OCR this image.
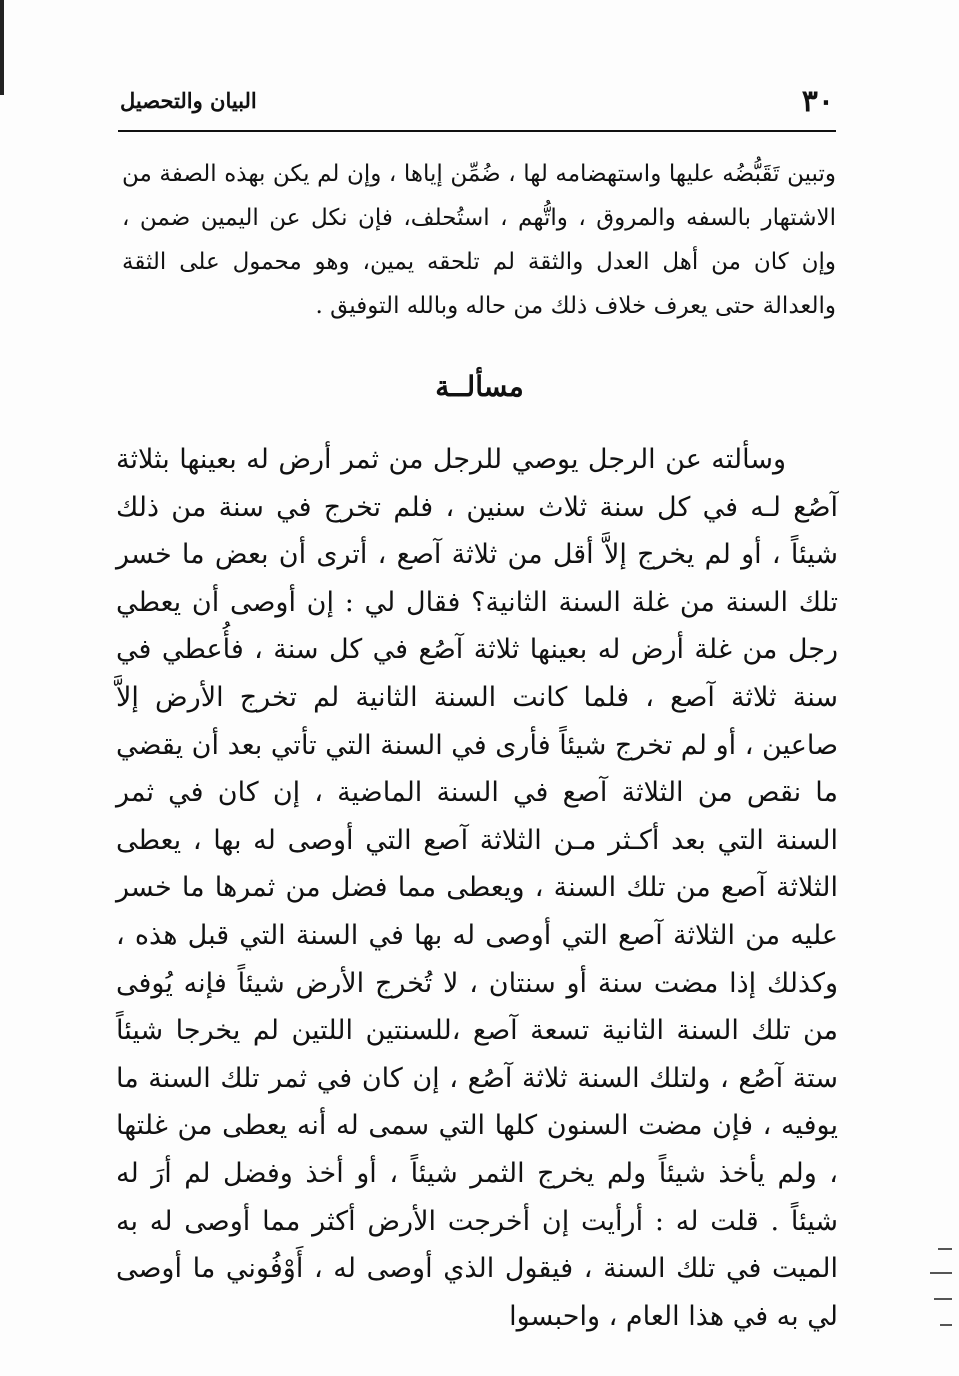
٣٠
البيان والتحصيل

وتبين تَقَبُّضُه عليها واستهضامه لها ، ضُمِّن إياها ، وإن لم يكن بهذه الصفة من الاشتهار بالسفه والمروق ، واتُّهم ، استُحلف، فإن نكل عن اليمين ضمن ، وإن كان من أهل العدل والثقة لم تلحقه يمين، وهو محمول على الثقة والعدالة حتى يعرف خلاف ذلك من حاله وبالله التوفيق .

مسألــة

وسألته عن الرجل يوصي للرجل من ثمر أرض له بعينها بثلاثة آصُع لـه في كل سنة ثلاث سنين ، فلم تخرج في سنة من ذلك شيئاً ، أو لم يخرج إلاَّ أقل من ثلاثة آصع ، أترى أن بعض ما خسر تلك السنة من غلة السنة الثانية؟ فقال لي : إن أوصى أن يعطي رجل من غلة أرض له بعينها ثلاثة آصُع في كل سنة ، فأُعطي في سنة ثلاثة آصع ، فلما كانت السنة الثانية لم تخرج الأرض إلاَّ صاعين ، أو لم تخرج شيئاً فأرى في السنة التي تأتي بعد أن يقضي ما نقص من الثلاثة آصع في السنة الماضية ، إن كان في ثمر السنة التي بعد أكـثر مـن الثلاثة آصع التي أوصى له بها ، يعطى الثلاثة آصع من تلك السنة ، ويعطى مما فضل من ثمرها ما خسر عليه من الثلاثة آصع التي أوصى له بها في السنة التي قبل هذه ، وكذلك إذا مضت سنة أو سنتان ، لا تُخرج الأرض شيئاً فإنه يُوفى من تلك السنة الثانية تسعة آصع ،للسنتين اللتين لم يخرجا شيئاً ستة آصُع ، ولتلك السنة ثلاثة آصُع ، إن كان في ثمر تلك السنة ما يوفيه ، فإن مضت السنون كلها التي سمى له أنه يعطى من غلتها ، ولم يأخذ شيئاً ولم يخرج الثمر شيئاً ، أو أخذ وفضل لم أرَ له شيئاً . قلت له : أرأيت إن أخرجت الأرض أكثر مما أوصى له به الميت في تلك السنة ، فيقول الذي أوصى له ، أَوْفُوني ما أوصى لي به في هذا العام ، واحبسوا
